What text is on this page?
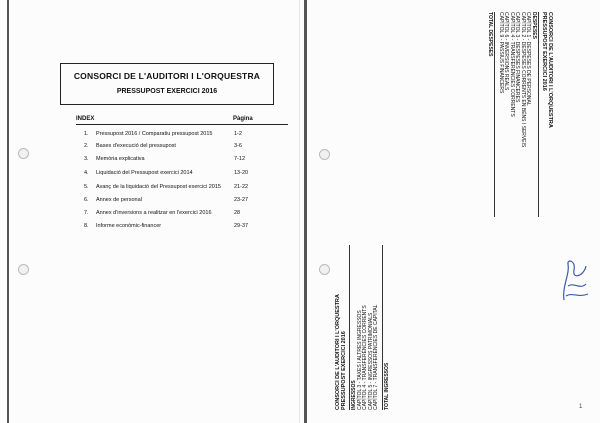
CONSORCI DE L'AUDITORI I L'ORQUESTRA
PRESSUPOST EXERCICI 2016
INDEX	Pàgina
1. Pressupost 2016 / Comparatiu pressupost 2015	1-2
2. Bases d'execució del pressupost	3-6
3. Memòria explicativa	7-12
4. Liquidació del Pressupost exercici 2014	13-20
5. Avanç de la liquidació del Pressupost exercici 2015 21-22
6. Annex de personal	23-27
7. Annex d'inversions a realitzar en l'exercici 2016	28
8. Informe econòmic-financer	29-37
CONSORCI DE L'AUDITORI I L'ORQUESTRA
PRESSUPOST EXERCICI 2016
DESPESES
CAPÍTOL 1 - DESPESES DE PERSONAL
CAPÍTOL 2 - DESPESES CORRENTS EN BÉNS I SERVEIS
CAPÍTOL 3 - DESPESES FINANCERES
CAPÍTOL 4 - TRANSFERÈNCIES CORRENTS
CAPÍTOL 6 - INVERSIONS REALS
CAPÍTOL 9 - PASSIUS FINANCERS
TOTAL DESPESES
CONSORCI DE L'AUDITORI I L'ORQUESTRA PRESSUPOST EXERCICI 2016 INGRESSOS CAPÍTOL 3 - TAXES I ALTRES INGRESSOS CAPÍTOL 4 - TRANSFERÈNCIES CORRENTS CAPÍTOL 5 - INGRESSOS PATRIMONIALS CAPÍTOL 7 - TRANSFERÈNCIES DE CAPITAL TOTAL INGRESSOS	1
